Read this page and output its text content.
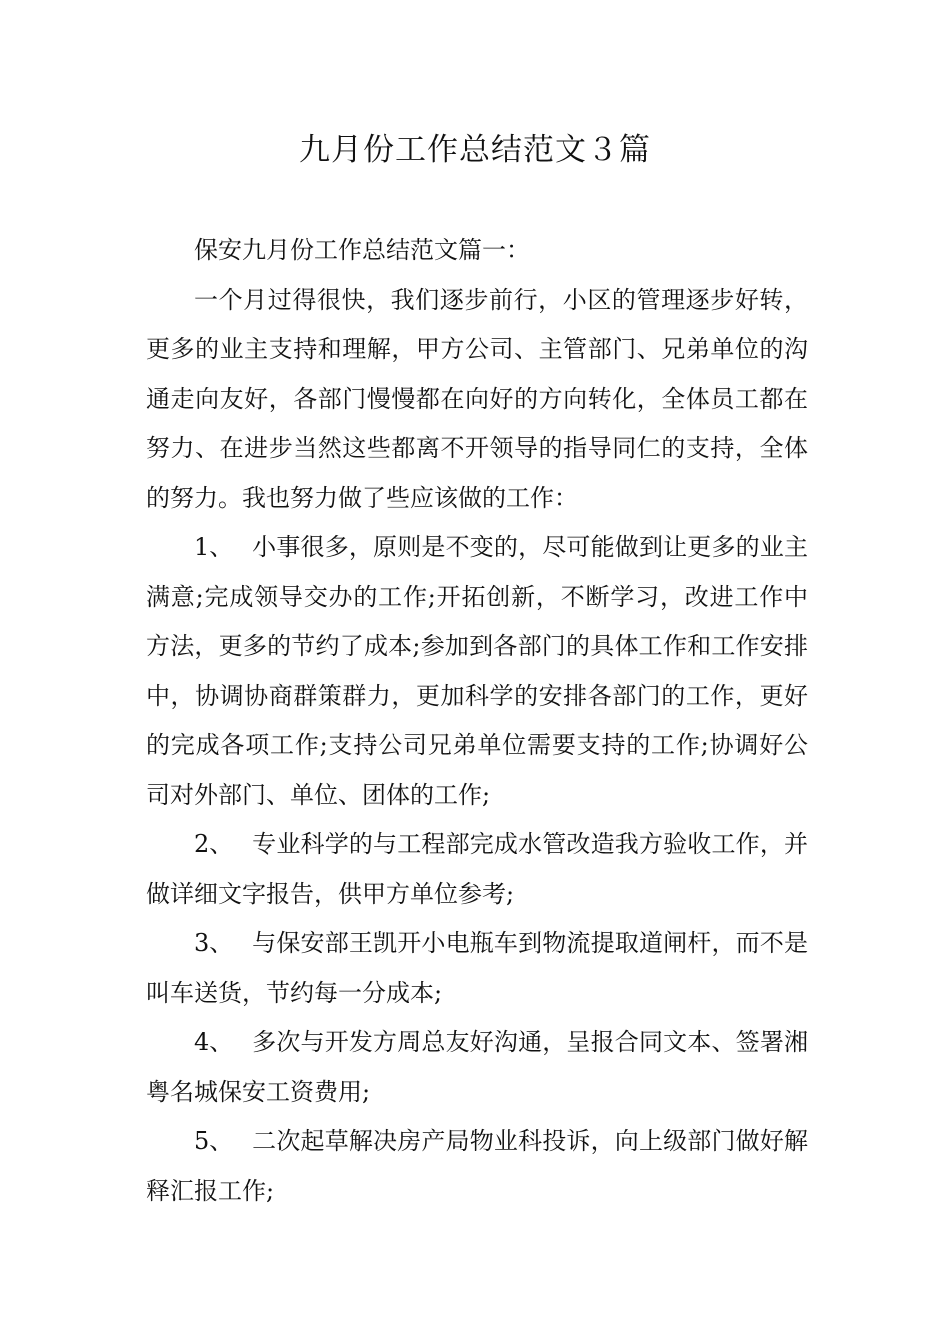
九月份工作总结范文３篇

保安九月份工作总结范文篇一：

一个月过得很快，我们逐步前行，小区的管理逐步好转，更多的业主支持和理解，甲方公司、主管部门、兄弟单位的沟通走向友好，各部门慢慢都在向好的方向转化，全体员工都在努力、在进步当然这些都离不开领导的指导同仁的支持，全体的努力。我也努力做了些应该做的工作：

1、 小事很多，原则是不变的，尽可能做到让更多的业主满意;完成领导交办的工作;开拓创新，不断学习，改进工作中方法，更多的节约了成本;参加到各部门的具体工作和工作安排中，协调协商群策群力，更加科学的安排各部门的工作，更好的完成各项工作;支持公司兄弟单位需要支持的工作;协调好公司对外部门、单位、团体的工作;

2、 专业科学的与工程部完成水管改造我方验收工作，并做详细文字报告，供甲方单位参考;

3、 与保安部王凯开小电瓶车到物流提取道闸杆，而不是叫车送货，节约每一分成本;

4、 多次与开发方周总友好沟通，呈报合同文本、签署湘粤名城保安工资费用;

5、 二次起草解决房产局物业科投诉，向上级部门做好解释汇报工作;
